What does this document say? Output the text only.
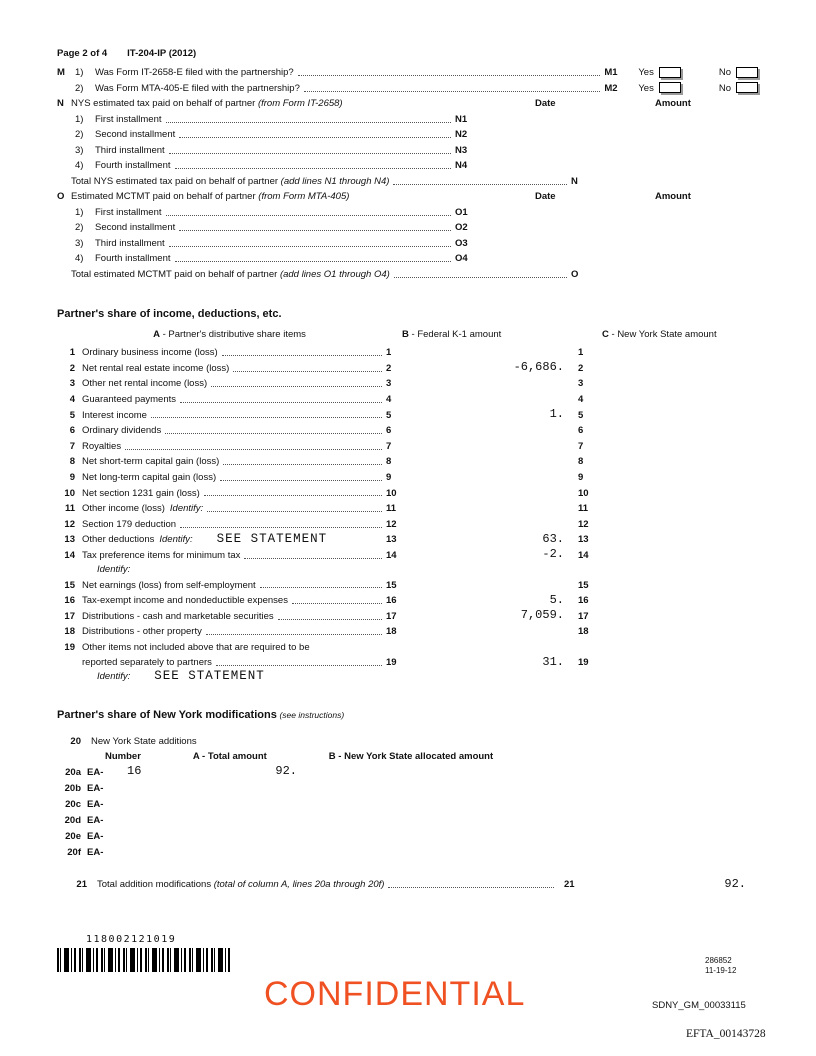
Page 2 of 4 IT-204-IP (2012)
M	1)	Was Form IT-2658-E filed with the partnership?	M1	Yes	No
2)	Was Form MTA-405-E filed with the partnership?	M2	Yes	No
N NYS estimated tax paid on behalf of partner (from Form IT-2658)	Date	Amount
1)	First installment	N1
2)	Second installment	N2
3)	Third installment	N3
4)	Fourth installment	N4
Total NYS estimated tax paid on behalf of partner (add lines N1 through N4)	N
O Estimated MCTMT paid on behalf of partner (from Form MTA-405)	Date	Amount
1)	First installment	O1
2)	Second installment	O2
3)	Third installment	O3
4)	Fourth installment	O4
Total estimated MCTMT paid on behalf of partner (add lines O1 through O4)	O
Partner's share of income, deductions, etc.
A - Partner's distributive share items	B - Federal K-1 amount	C - New York State amount
1 Ordinary business income (loss)	1	1
2 Net rental real estate income (loss)	2	-6,686.	2
3 Other net rental income (loss)	3	3
4 Guaranteed payments	4	4
5 Interest income	5	1.	5
6 Ordinary dividends	6	6
7 Royalties	7	7
8 Net short-term capital gain (loss)	8	8
9 Net long-term capital gain (loss)	9	9
10 Net section 1231 gain (loss)	10	10
11 Other income (loss) Identify:	11	11
12 Section 179 deduction	12	12
13 Other deductions Identify: SEE STATEMENT	13	63.	13
14 Tax preference items for minimum tax	14	-2.	14
Identify:
15 Net earnings (loss) from self-employment	15	15
16 Tax-exempt income and nondeductible expenses	16	5.	16
17 Distributions - cash and marketable securities	17	7,059.	17
18 Distributions - other property	18	18
19 Other items not included above that are required to be
reported separately to partners	19	31.	19
Identify: SEE STATEMENT
Partner's share of New York modifications (see instructions)
20 New York State additions
Number	A - Total amount	B - New York State allocated amount
20a EA-	16	92.
20b EA-
20c EA-
20d EA-
20e EA-
20f EA-
21 Total addition modifications (total of column A, lines 20a through 20f)	21	92.
118002121019
CONFIDENTIAL
286852
11-19-12
SDNY_GM_00033115
EFTA_00143728
